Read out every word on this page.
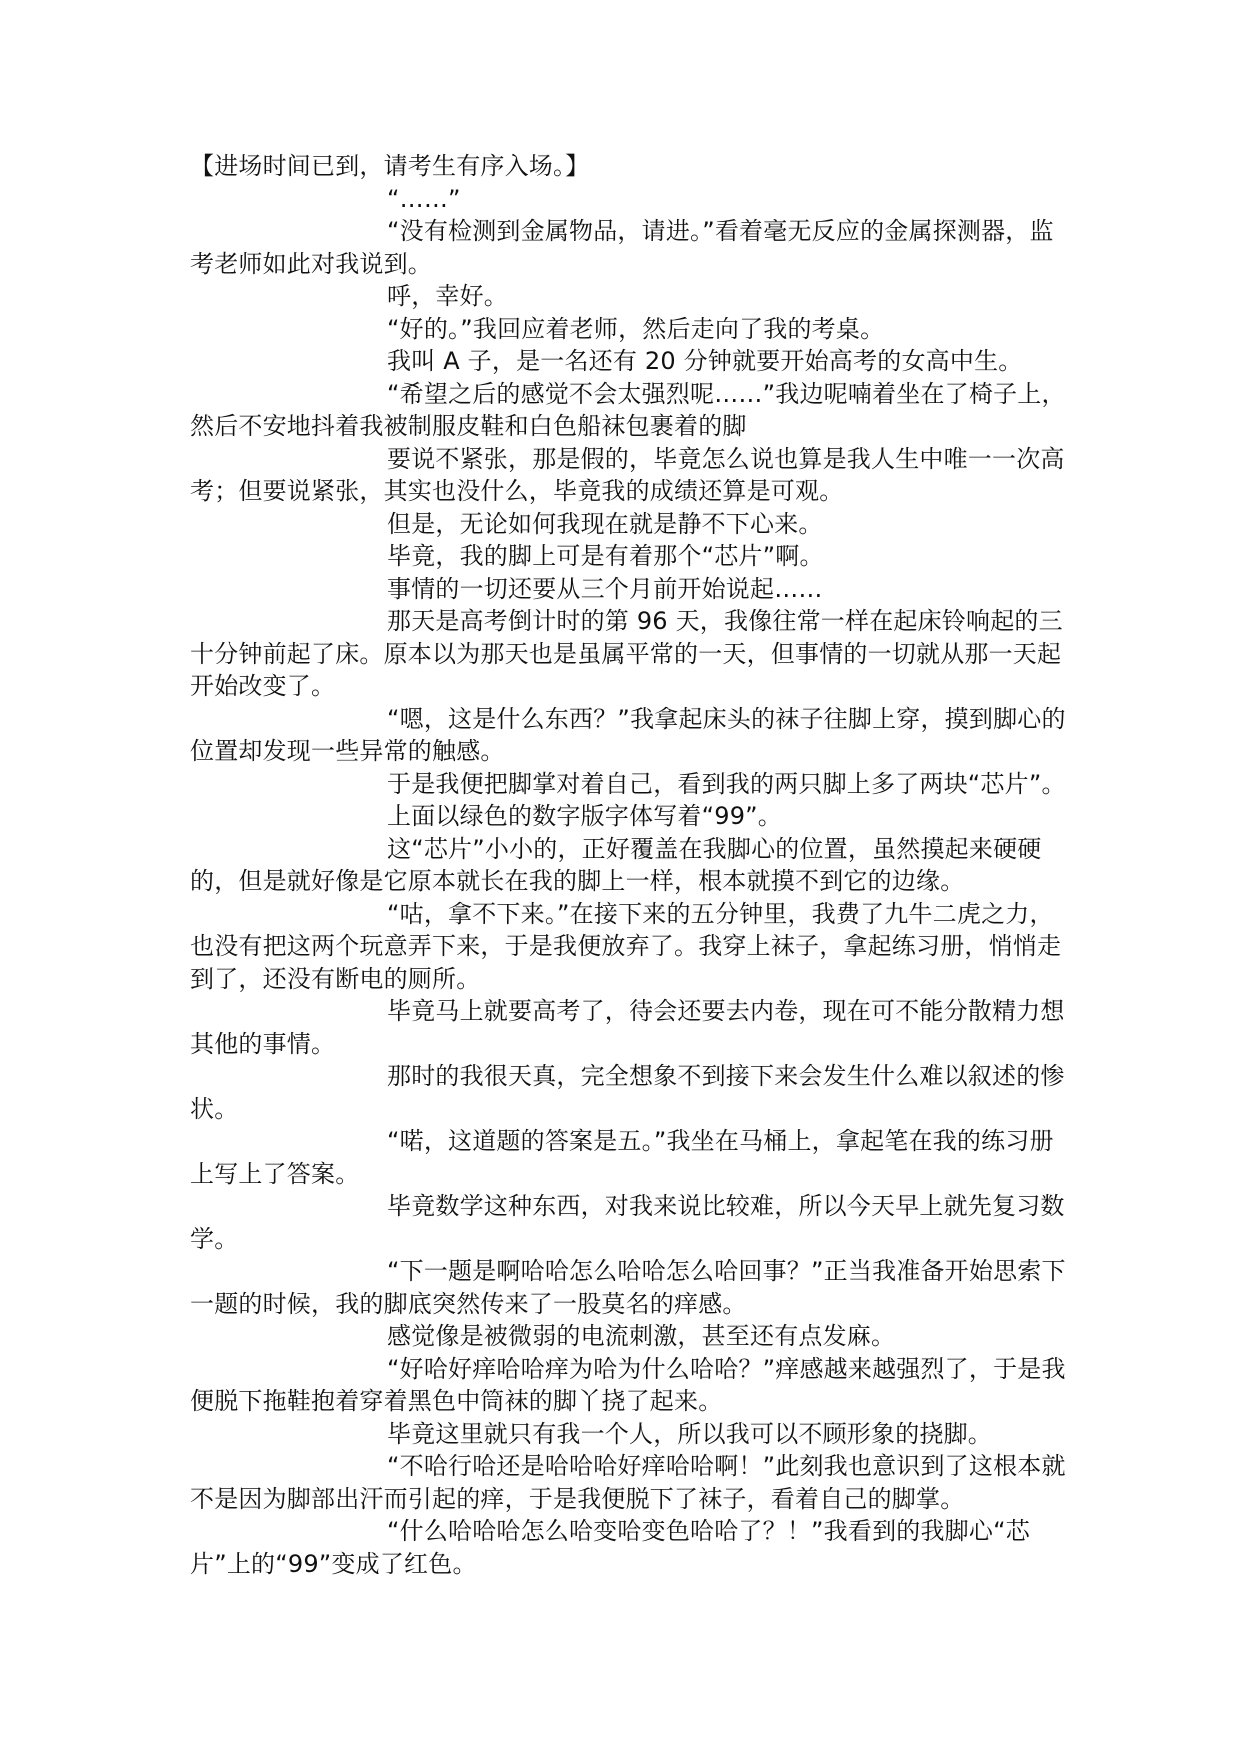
【进场时间已到，请考生有序入场。】

“……”

“没有检测到金属物品，请进。”看着毫无反应的金属探测器，监考老师如此对我说到。

呼，幸好。

“好的。”我回应着老师，然后走向了我的考桌。

我叫 A 子，是一名还有 20 分钟就要开始高考的女高中生。

“希望之后的感觉不会太强烈呢……”我边呢喃着坐在了椅子上，然后不安地抖着我被制服皮鞋和白色船袜包裹着的脚

要说不紧张，那是假的，毕竟怎么说也算是我人生中唯一一次高考；但要说紧张，其实也没什么，毕竟我的成绩还算是可观。

但是，无论如何我现在就是静不下心来。

毕竟，我的脚上可是有着那个“芯片”啊。

事情的一切还要从三个月前开始说起……

那天是高考倒计时的第 96 天，我像往常一样在起床铃响起的三十分钟前起了床。原本以为那天也是虽属平常的一天，但事情的一切就从那一天起开始改变了。

“嗯，这是什么东西？”我拿起床头的袜子往脚上穿，摸到脚心的位置却发现一些异常的触感。

于是我便把脚掌对着自己，看到我的两只脚上多了两块“芯片”。

上面以绿色的数字版字体写着“99”。

这“芯片”小小的，正好覆盖在我脚心的位置，虽然摸起来硬硬的，但是就好像是它原本就长在我的脚上一样，根本就摸不到它的边缘。

“咕，拿不下来。”在接下来的五分钟里，我费了九牛二虎之力，也没有把这两个玩意弄下来，于是我便放弃了。我穿上袜子，拿起练习册，悄悄走到了，还没有断电的厕所。

毕竟马上就要高考了，待会还要去内卷，现在可不能分散精力想其他的事情。

那时的我很天真，完全想象不到接下来会发生什么难以叙述的惨状。

“喏，这道题的答案是五。”我坐在马桶上，拿起笔在我的练习册上写上了答案。

毕竟数学这种东西，对我来说比较难，所以今天早上就先复习数学。

“下一题是啊哈哈怎么哈哈怎么哈回事？”正当我准备开始思索下一题的时候，我的脚底突然传来了一股莫名的痒感。

感觉像是被微弱的电流刺激，甚至还有点发麻。

“好哈好痒哈哈痒为哈为什么哈哈？”痒感越来越强烈了，于是我便脱下拖鞋抱着穿着黑色中筒袜的脚丫挠了起来。

毕竟这里就只有我一个人，所以我可以不顾形象的挠脚。

“不哈行哈还是哈哈哈好痒哈哈啊！”此刻我也意识到了这根本就不是因为脚部出汗而引起的痒，于是我便脱下了袜子，看着自己的脚掌。

“什么哈哈哈怎么哈变哈变色哈哈了？！”我看到的我脚心“芯片”上的“99”变成了红色。
